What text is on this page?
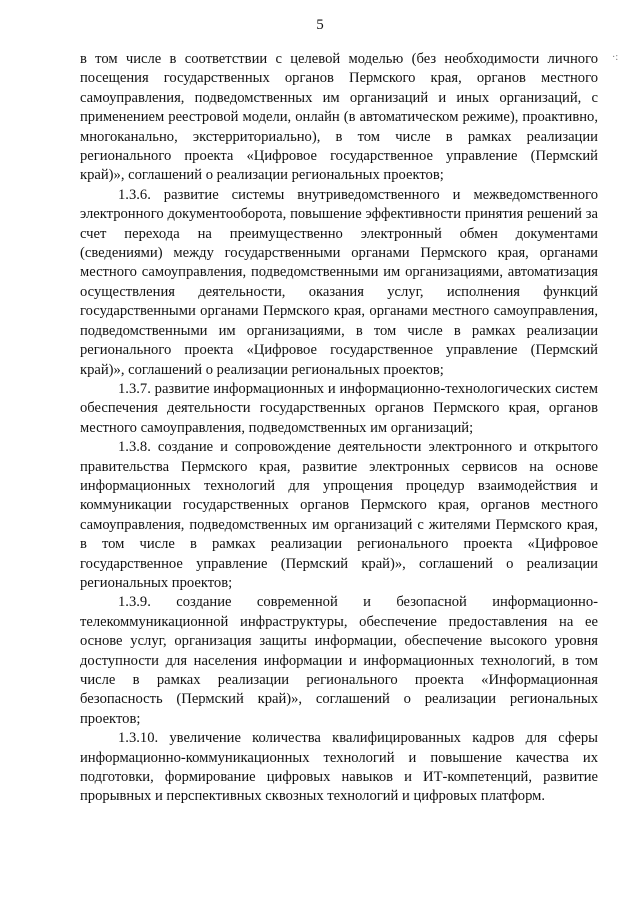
5
·:

в том числе в соответствии с целевой моделью (без необходимости личного посещения государственных органов Пермского края, органов местного самоуправления, подведомственных им организаций и иных организаций, с применением реестровой модели, онлайн (в автоматическом режиме), проактивно, многоканально, экстерриториально), в том числе в рамках реализации регионального проекта «Цифровое государственное управление (Пермский край)», соглашений о реализации региональных проектов;

1.3.6. развитие системы внутриведомственного и межведомственного электронного документооборота, повышение эффективности принятия решений за счет перехода на преимущественно электронный обмен документами (сведениями) между государственными органами Пермского края, органами местного самоуправления, подведомственными им организациями, автоматизация осуществления деятельности, оказания услуг, исполнения функций государственными органами Пермского края, органами местного самоуправления, подведомственными им организациями, в том числе в рамках реализации регионального проекта «Цифровое государственное управление (Пермский край)», соглашений о реализации региональных проектов;

1.3.7. развитие информационных и информационно-технологических систем обеспечения деятельности государственных органов Пермского края, органов местного самоуправления, подведомственных им организаций;

1.3.8. создание и сопровождение деятельности электронного и открытого правительства Пермского края, развитие электронных сервисов на основе информационных технологий для упрощения процедур взаимодействия и коммуникации государственных органов Пермского края, органов местного самоуправления, подведомственных им организаций с жителями Пермского края, в том числе в рамках реализации регионального проекта «Цифровое государственное управление (Пермский край)», соглашений о реализации региональных проектов;

1.3.9. создание современной и безопасной информационно-телекоммуникационной инфраструктуры, обеспечение предоставления на ее основе услуг, организация защиты информации, обеспечение высокого уровня доступности для населения информации и информационных технологий, в том числе в рамках реализации регионального проекта «Информационная безопасность (Пермский край)», соглашений о реализации региональных проектов;

1.3.10. увеличение количества квалифицированных кадров для сферы информационно-коммуникационных технологий и повышение качества их подготовки, формирование цифровых навыков и ИТ-компетенций, развитие прорывных и перспективных сквозных технологий и цифровых платформ.
